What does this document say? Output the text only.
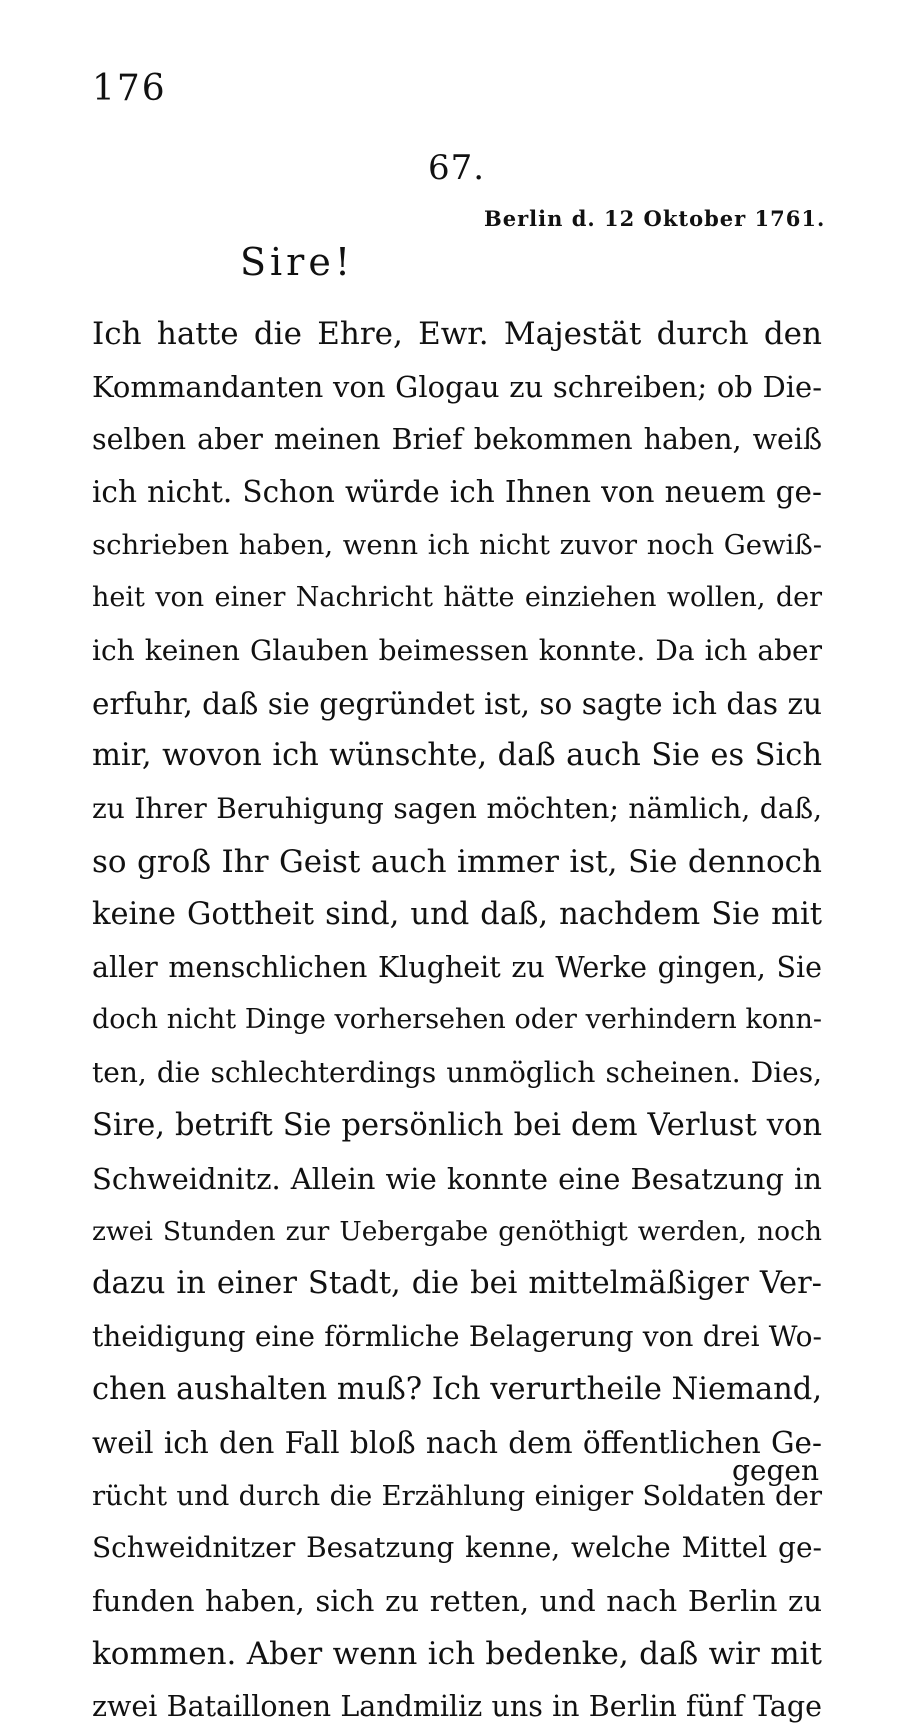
176
67.
Berlin d. 12 Oktober 1761.
Sire!
Ich hatte die Ehre, Ewr. Majestät durch den
Kommandanten von Glogau zu schreiben; ob Die-
selben aber meinen Brief bekommen haben, weiß
ich nicht. Schon würde ich Ihnen von neuem ge-
schrieben haben, wenn ich nicht zuvor noch Gewiß-
heit von einer Nachricht hätte einziehen wollen, der
ich keinen Glauben beimessen konnte. Da ich aber
erfuhr, daß sie gegründet ist, so sagte ich das zu
mir, wovon ich wünschte, daß auch Sie es Sich
zu Ihrer Beruhigung sagen möchten; nämlich, daß,
so groß Ihr Geist auch immer ist, Sie dennoch
keine Gottheit sind, und daß, nachdem Sie mit
aller menschlichen Klugheit zu Werke gingen, Sie
doch nicht Dinge vorhersehen oder verhindern konn-
ten, die schlechterdings unmöglich scheinen. Dies,
Sire, betrift Sie persönlich bei dem Verlust von
Schweidnitz. Allein wie konnte eine Besatzung in
zwei Stunden zur Uebergabe genöthigt werden, noch
dazu in einer Stadt, die bei mittelmäßiger Ver-
theidigung eine förmliche Belagerung von drei Wo-
chen aushalten muß? Ich verurtheile Niemand,
weil ich den Fall bloß nach dem öffentlichen Ge-
rücht und durch die Erzählung einiger Soldaten der
Schweidnitzer Besatzung kenne, welche Mittel ge-
funden haben, sich zu retten, und nach Berlin zu
kommen. Aber wenn ich bedenke, daß wir mit
zwei Bataillonen Landmiliz uns in Berlin fünf Tage
gegen
